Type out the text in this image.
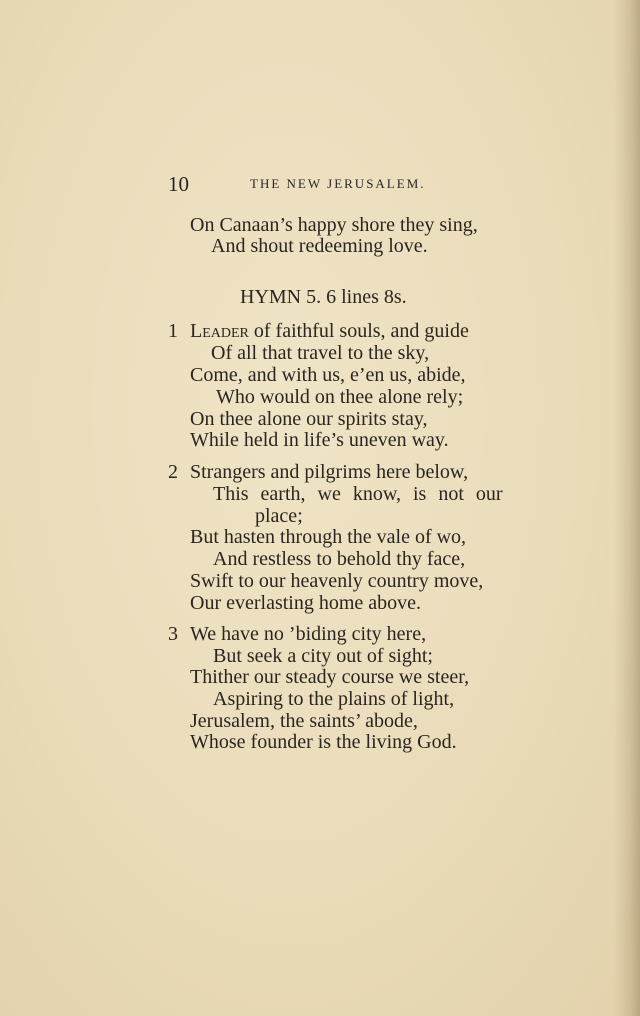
10	THE NEW JERUSALEM.
On Canaan’s happy shore they sing,
And shout redeeming love.
HYMN 5. 6 lines 8s.
1 Leader of faithful souls, and guide
Of all that travel to the sky,
Come, and with us, e’en us, abide,
Who would on thee alone rely;
On thee alone our spirits stay,
While held in life’s uneven way.
2 Strangers and pilgrims here below,
This earth, we know, is not our
place;
But hasten through the vale of wo,
And restless to behold thy face,
Swift to our heavenly country move,
Our everlasting home above.
3 We have no ’biding city here,
But seek a city out of sight;
Thither our steady course we steer,
Aspiring to the plains of light,
Jerusalem, the saints’ abode,
Whose founder is the living God.
